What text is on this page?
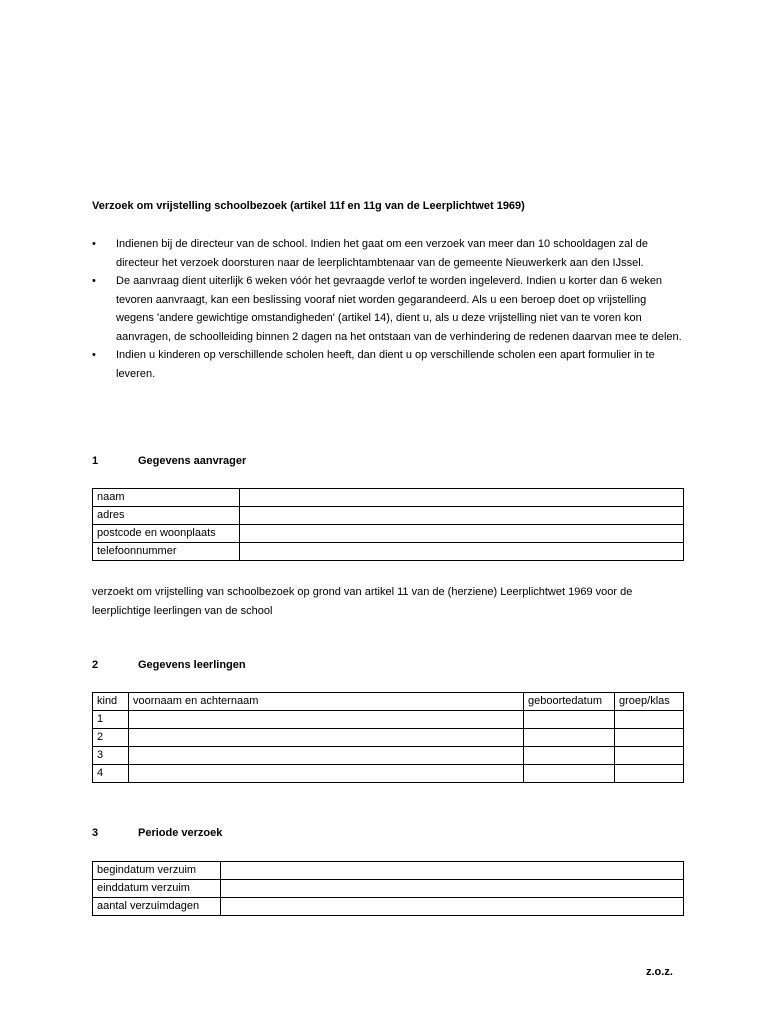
Verzoek om vrijstelling schoolbezoek (artikel 11f en 11g van de Leerplichtwet 1969)
• Indienen bij de directeur van de school. Indien het gaat om een verzoek van meer dan 10 schooldagen zal de directeur het verzoek doorsturen naar de leerplichtambtenaar van de gemeente Nieuwerkerk aan den IJssel.
• De aanvraag dient uiterlijk 6 weken vóór het gevraagde verlof te worden ingeleverd. Indien u korter dan 6 weken tevoren aanvraagt, kan een beslissing vooraf niet worden gegarandeerd. Als u een beroep doet op vrijstelling wegens 'andere gewichtige omstandigheden' (artikel 14), dient u, als u deze vrijstelling niet van te voren kon aanvragen, de schoolleiding binnen 2 dagen na het ontstaan van de verhindering de redenen daarvan mee te delen.
• Indien u kinderen op verschillende scholen heeft, dan dient u op verschillende scholen een apart formulier in te leveren.
1	Gegevens aanvrager
naam	
adres	
postcode en woonplaats	
telefoonnummer	
verzoekt om vrijstelling van schoolbezoek op grond van artikel 11 van de (herziene) Leerplichtwet 1969 voor de leerplichtige leerlingen van de school
2	Gegevens leerlingen
kind	voornaam en achternaam	geboortedatum	groep/klas
1			
2			
3			
4			
3	Periode verzoek
begindatum verzuim	
einddatum verzuim	
aantal verzuimdagen	
z.o.z.
